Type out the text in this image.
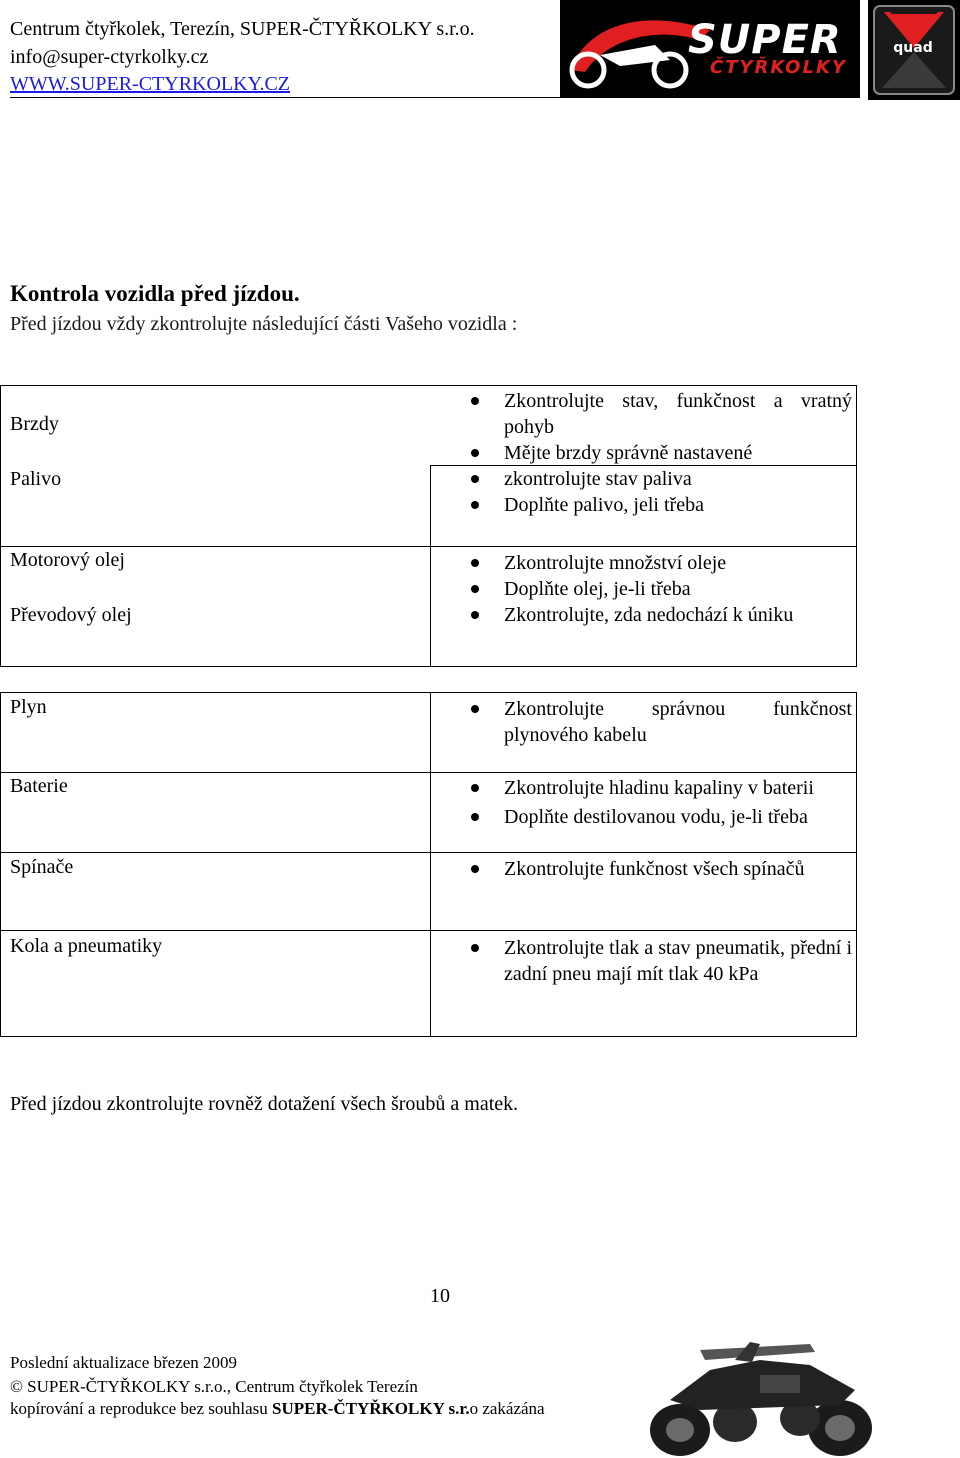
Centrum čtyřkolek, Terezín, SUPER-ČTYŘKOLKY s.r.o.
info@super-ctyrkolky.cz
WWW.SUPER-CTYRKOLKY.CZ
SUPER
ČTYŘKOLKY
quad
Kontrola vozidla před jízdou.
Před jízdou vždy zkontrolujte následující části Vašeho vozidla :
Brzdy
Palivo
Motorový olej
Převodový olej
Plyn
Baterie
Spínače
Kola a pneumatiky
Zkontrolujte stav, funkčnost a vratný pohyb
Mějte brzdy správně nastavené
zkontrolujte stav paliva
Doplňte palivo, jeli třeba
Zkontrolujte množství oleje
Doplňte olej, je-li třeba
Zkontrolujte, zda nedochází k úniku
Zkontrolujte správnou funkčnost plynového kabelu
Zkontrolujte hladinu kapaliny v baterii
Doplňte destilovanou vodu, je-li třeba
Zkontrolujte funkčnost všech spínačů
Zkontrolujte tlak a stav pneumatik, přední i zadní pneu mají mít tlak 40 kPa
Před jízdou zkontrolujte rovněž dotažení všech šroubů a matek.
10
Poslední aktualizace březen 2009
© SUPER-ČTYŘKOLKY s.r.o., Centrum čtyřkolek Terezín
kopírování a reprodukce bez souhlasu SUPER-ČTYŘKOLKY s.r.o zakázána
